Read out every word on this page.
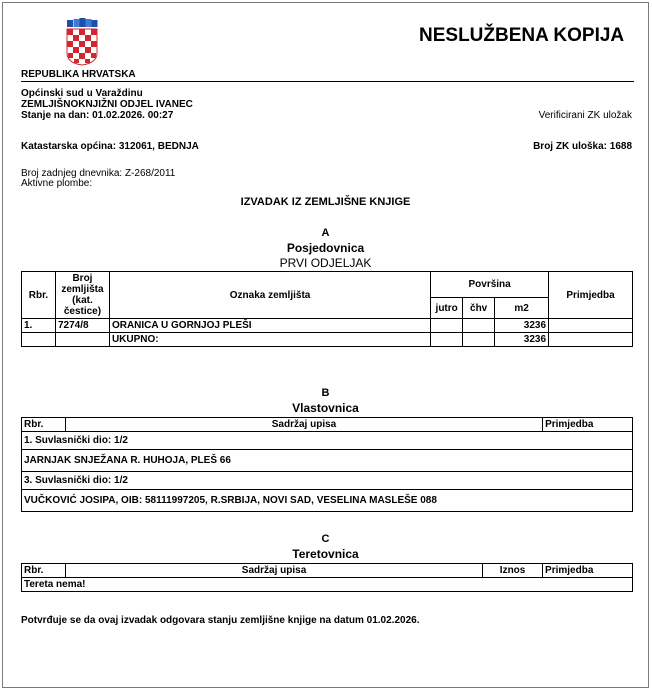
NESLUŽBENA KOPIJA
REPUBLIKA HRVATSKA
Općinski sud u Varaždinu
ZEMLJIŠNOKNJIŽNI ODJEL IVANEC
Stanje na dan: 01.02.2026. 00:27	Verificirani ZK uložak
Katastarska općina: 312061, BEDNJA	Broj ZK uloška: 1688
Broj zadnjeg dnevnika: Z-268/2011
Aktivne plombe:
IZVADAK IZ ZEMLJIŠNE KNJIGE
A
Posjedovnica
PRVI ODJELJAK
Rbr.	Broj
zemljišta
(kat.
čestice)	Oznaka zemljišta	Površina			Primjedba
			jutro	čhv	m2	
1.	7274/8	ORANICA U GORNJOJ PLEŠI			3236	
		UKUPNO:			3236	
B
Vlastovnica
Rbr.	Sadržaj upisa	Primjedba
1. Suvlasnički dio: 1/2
JARNJAK SNJEŽANA R. HUHOJA, PLEŠ 66
3. Suvlasnički dio: 1/2
VUČKOVIĆ JOSIPA, OIB: 58111997205, R.SRBIJA, NOVI SAD, VESELINA MASLEŠE 088
C
Teretovnica
Rbr.	Sadržaj upisa	Iznos	Primjedba
Tereta nema!
Potvrđuje se da ovaj izvadak odgovara stanju zemljišne knjige na datum 01.02.2026.
